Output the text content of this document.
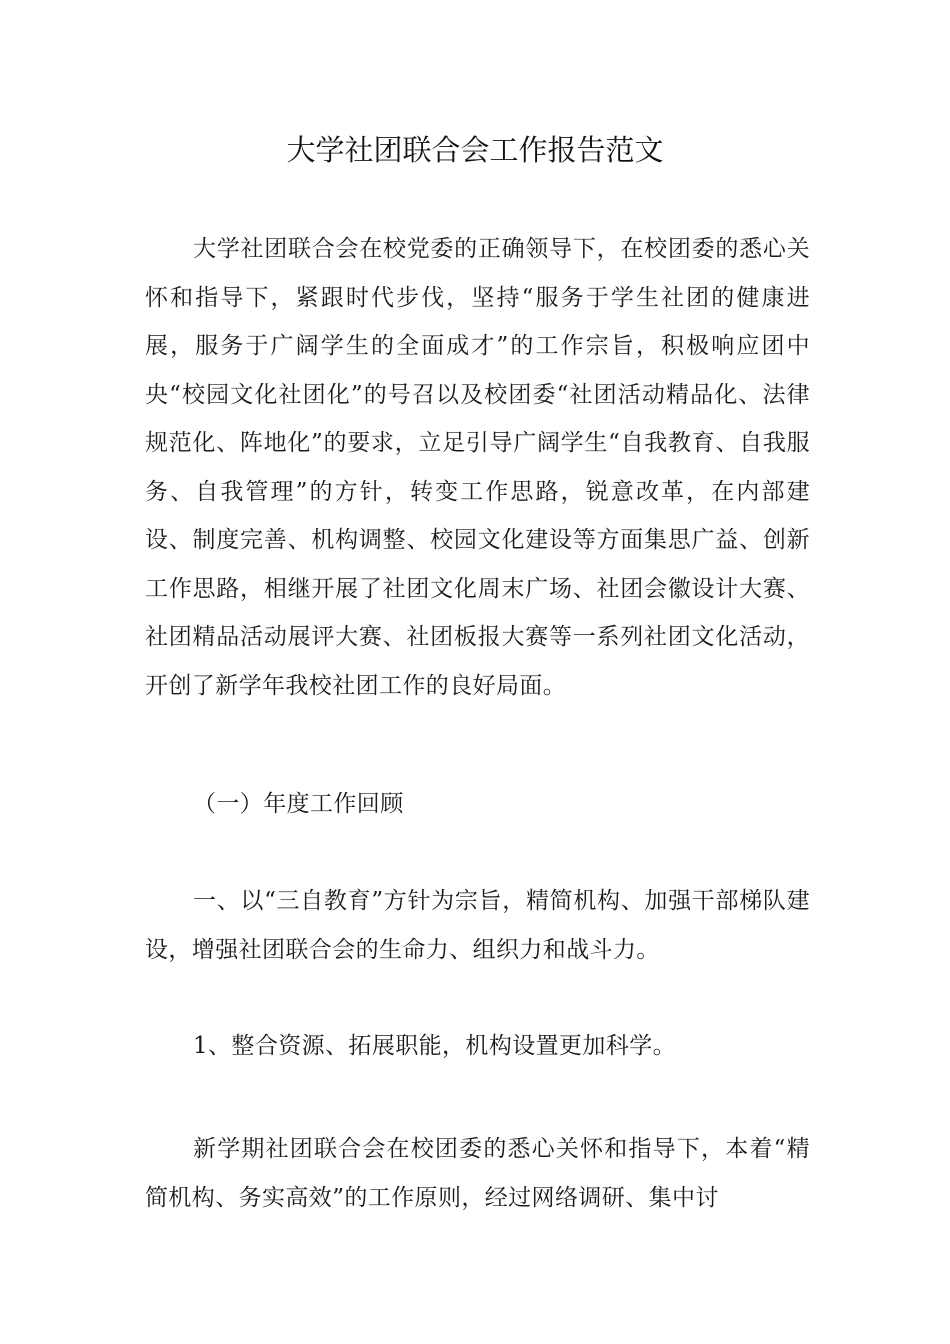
大学社团联合会工作报告范文

大学社团联合会在校党委的正确领导下，在校团委的悉心关怀和指导下，紧跟时代步伐，坚持“服务于学生社团的健康进展，服务于广阔学生的全面成才”的工作宗旨，积极响应团中央“校园文化社团化”的号召以及校团委“社团活动精品化、法律规范化、阵地化”的要求，立足引导广阔学生“自我教育、自我服务、自我管理”的方针，转变工作思路，锐意改革，在内部建设、制度完善、机构调整、校园文化建设等方面集思广益、创新工作思路，相继开展了社团文化周末广场、社团会徽设计大赛、社团精品活动展评大赛、社团板报大赛等一系列社团文化活动，开创了新学年我校社团工作的良好局面。

（一）年度工作回顾

一、以“三自教育”方针为宗旨，精简机构、加强干部梯队建设，增强社团联合会的生命力、组织力和战斗力。

1、整合资源、拓展职能，机构设置更加科学。

新学期社团联合会在校团委的悉心关怀和指导下，本着“精简机构、务实高效”的工作原则，经过网络调研、集中讨
